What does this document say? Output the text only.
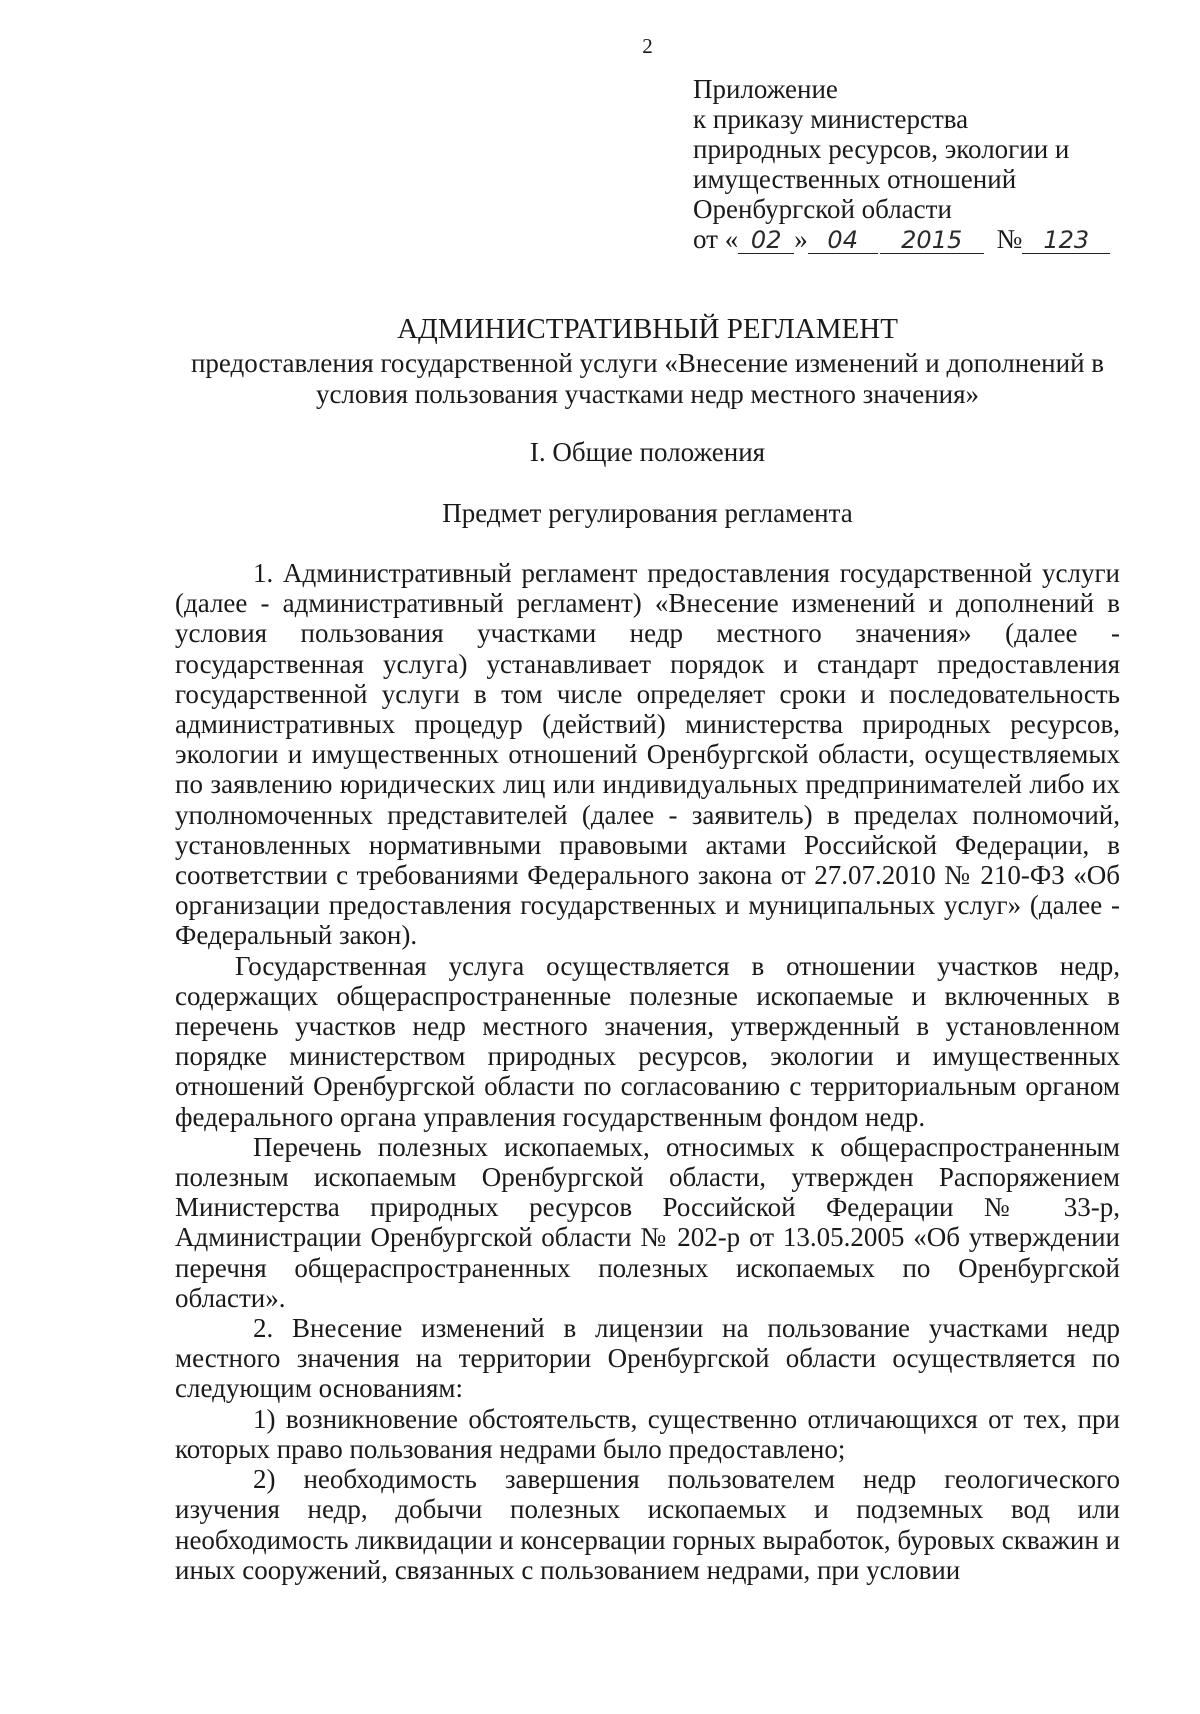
2
Приложение
к приказу министерства
природных ресурсов, экологии и
имущественных отношений
Оренбургской области
от « 02 » 04 2015 № 123
АДМИНИСТРАТИВНЫЙ РЕГЛАМЕНТ
предоставления государственной услуги «Внесение изменений и дополнений в условия пользования участками недр местного значения»
I. Общие положения
Предмет регулирования регламента

1. Административный регламент предоставления государственной услуги (далее - административный регламент) «Внесение изменений и дополнений в условия пользования участками недр местного значения» (далее - государственная услуга) устанавливает порядок и стандарт предоставления государственной услуги в том числе определяет сроки и последовательность административных процедур (действий) министерства природных ресурсов, экологии и имущественных отношений Оренбургской области, осуществляемых по заявлению юридических лиц или индивидуальных предпринимателей либо их уполномоченных представителей (далее - заявитель) в пределах полномочий, установленных нормативными правовыми актами Российской Федерации, в соответствии с требованиями Федерального закона от 27.07.2010 № 210-ФЗ «Об организации предоставления государственных и муниципальных услуг» (далее - Федеральный закон).

Государственная услуга осуществляется в отношении участков недр, содержащих общераспространенные полезные ископаемые и включенных в перечень участков недр местного значения, утвержденный в установленном порядке министерством природных ресурсов, экологии и имущественных отношений Оренбургской области по согласованию с территориальным органом федерального органа управления государственным фондом недр.

Перечень полезных ископаемых, относимых к общераспространенным полезным ископаемым Оренбургской области, утвержден Распоряжением Министерства природных ресурсов Российской Федерации № 33-р, Администрации Оренбургской области № 202-р от 13.05.2005 «Об утверждении перечня общераспространенных полезных ископаемых по Оренбургской области».

2. Внесение изменений в лицензии на пользование участками недр местного значения на территории Оренбургской области осуществляется по следующим основаниям:

1) возникновение обстоятельств, существенно отличающихся от тех, при которых право пользования недрами было предоставлено;

2) необходимость завершения пользователем недр геологического изучения недр, добычи полезных ископаемых и подземных вод или необходимость ликвидации и консервации горных выработок, буровых скважин и иных сооружений, связанных с пользованием недрами, при условии
